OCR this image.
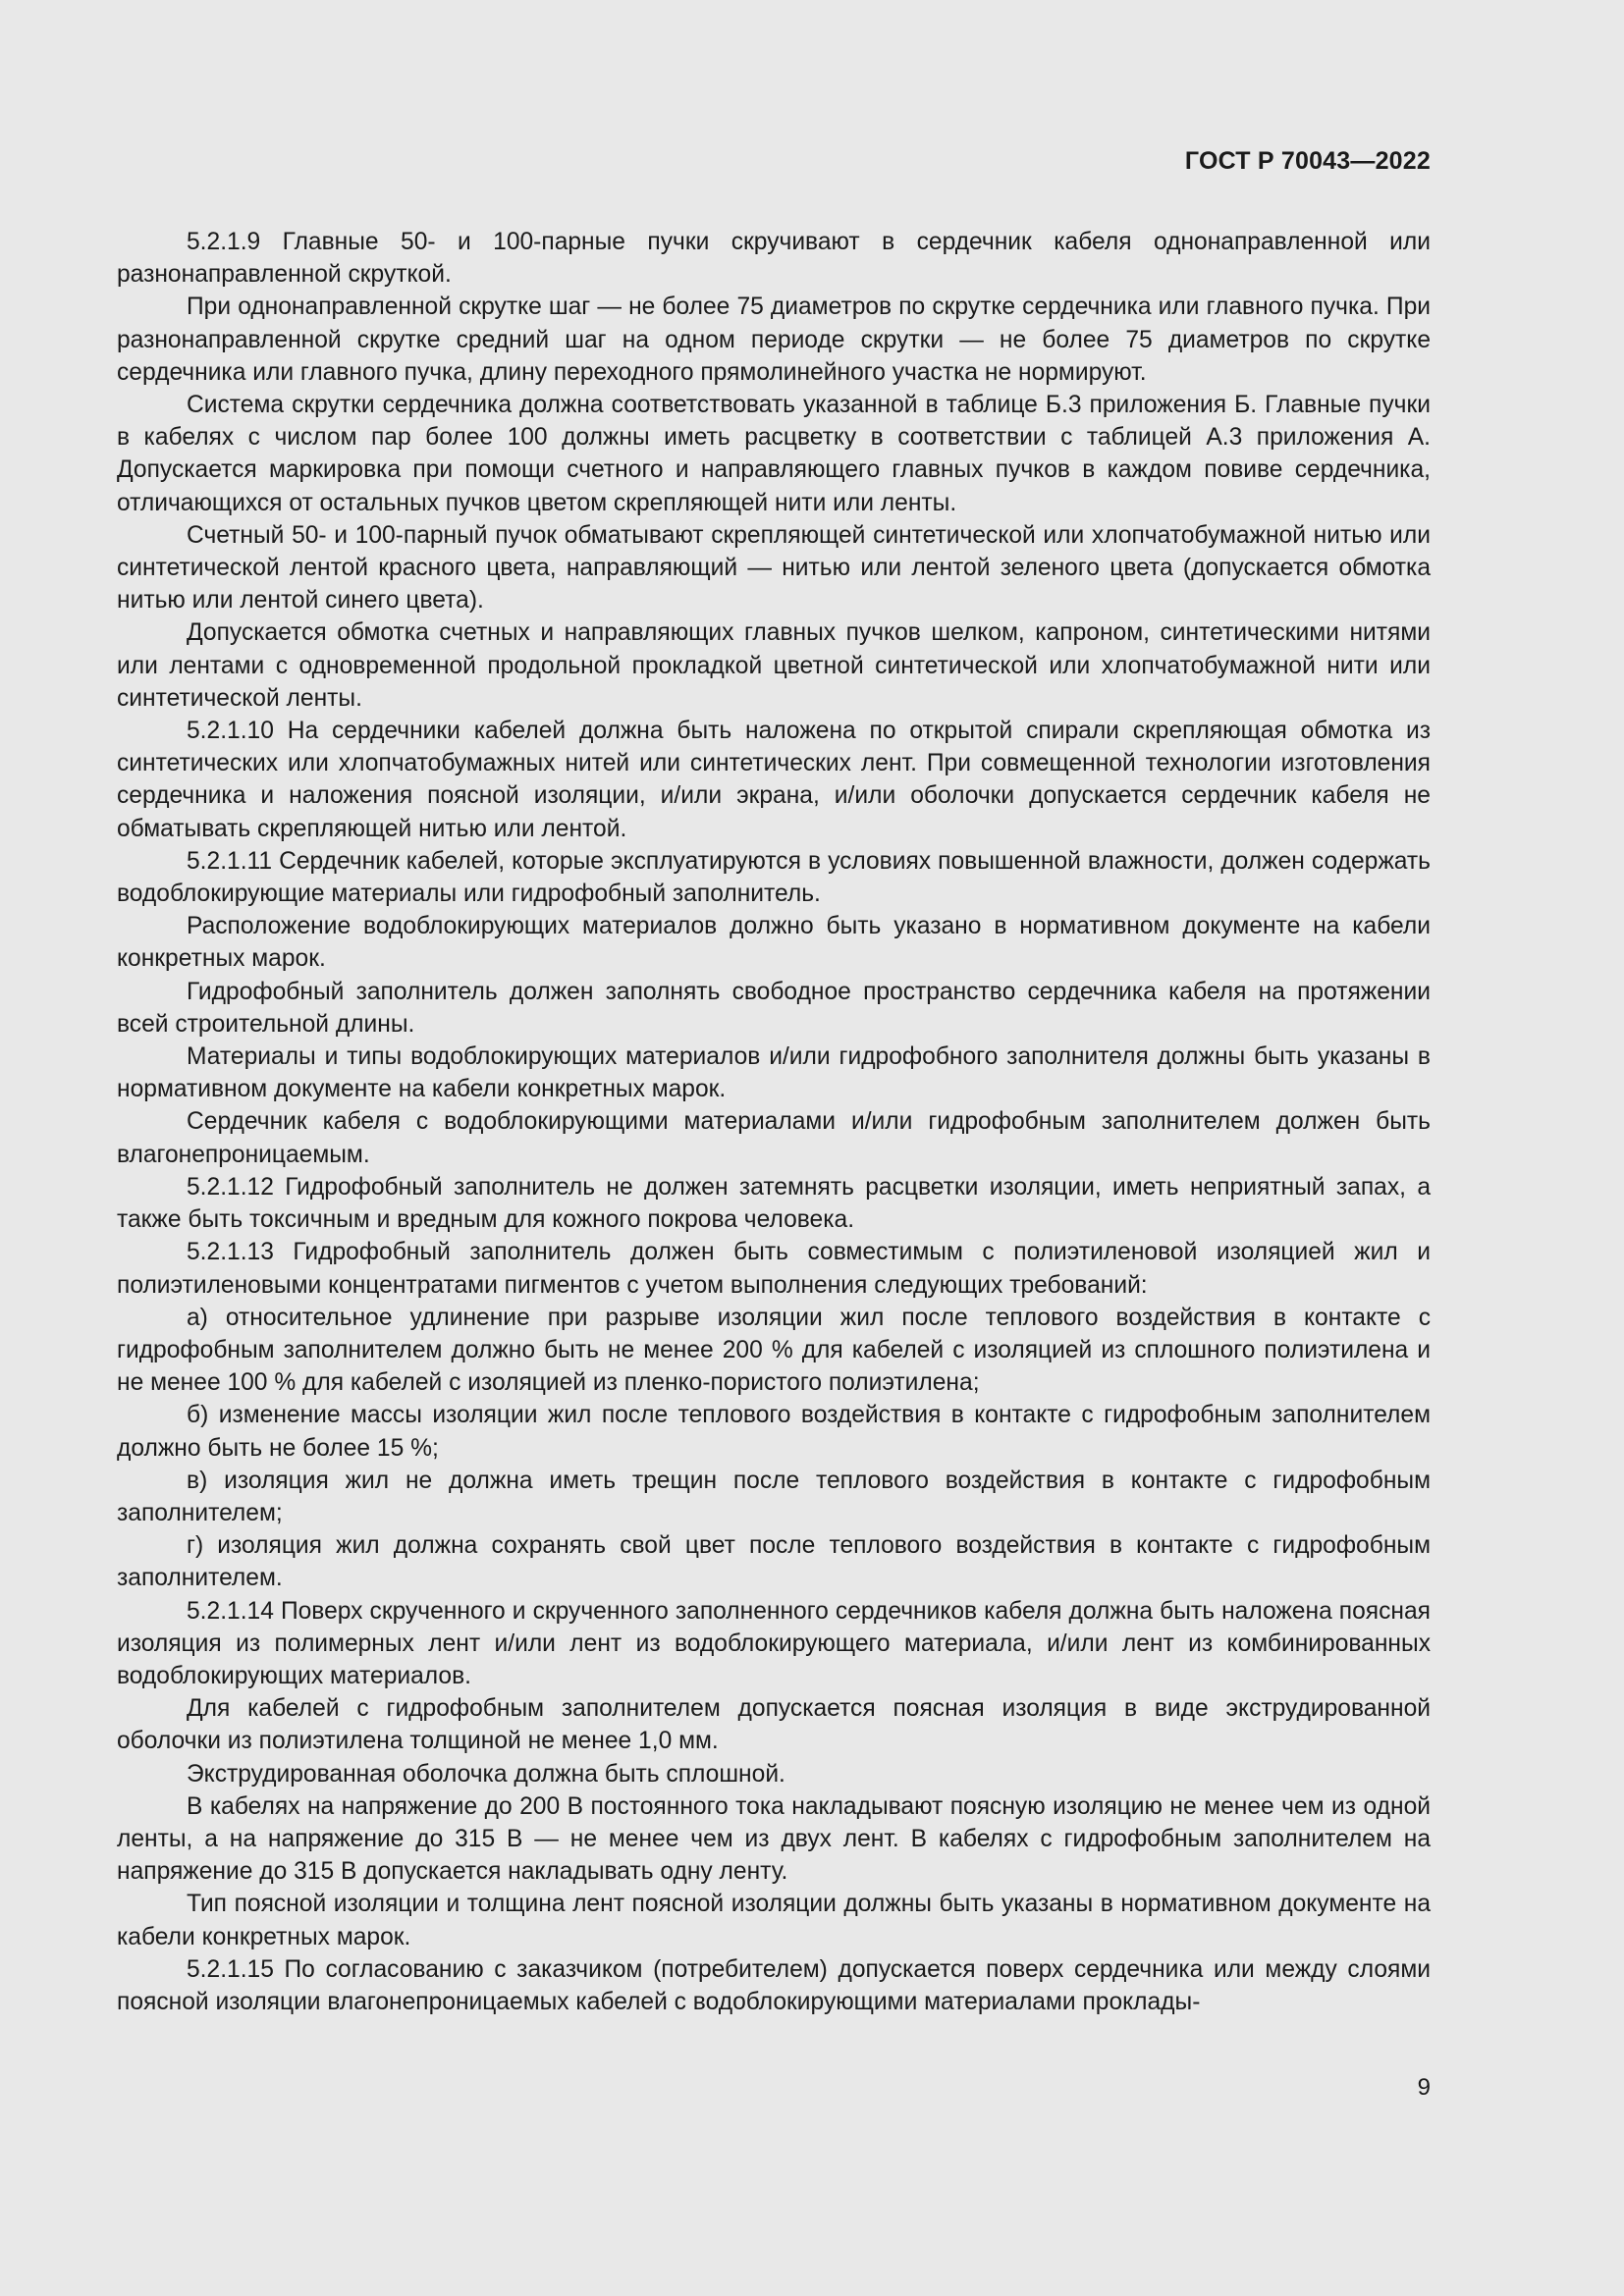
ГОСТ Р 70043—2022

5.2.1.9 Главные 50- и 100-парные пучки скручивают в сердечник кабеля однонаправленной или разнонаправленной скруткой.

При однонаправленной скрутке шаг — не более 75 диаметров по скрутке сердечника или главного пучка. При разнонаправленной скрутке средний шаг на одном периоде скрутки — не более 75 диаметров по скрутке сердечника или главного пучка, длину переходного прямолинейного участка не нормируют.

Система скрутки сердечника должна соответствовать указанной в таблице Б.3 приложения Б. Главные пучки в кабелях с числом пар более 100 должны иметь расцветку в соответствии с таблицей А.3 приложения А. Допускается маркировка при помощи счетного и направляющего главных пучков в каждом повиве сердечника, отличающихся от остальных пучков цветом скрепляющей нити или ленты.

Счетный 50- и 100-парный пучок обматывают скрепляющей синтетической или хлопчатобумажной нитью или синтетической лентой красного цвета, направляющий — нитью или лентой зеленого цвета (допускается обмотка нитью или лентой синего цвета).

Допускается обмотка счетных и направляющих главных пучков шелком, капроном, синтетическими нитями или лентами с одновременной продольной прокладкой цветной синтетической или хлопчатобумажной нити или синтетической ленты.

5.2.1.10 На сердечники кабелей должна быть наложена по открытой спирали скрепляющая обмотка из синтетических или хлопчатобумажных нитей или синтетических лент. При совмещенной технологии изготовления сердечника и наложения поясной изоляции, и/или экрана, и/или оболочки допускается сердечник кабеля не обматывать скрепляющей нитью или лентой.

5.2.1.11 Сердечник кабелей, которые эксплуатируются в условиях повышенной влажности, должен содержать водоблокирующие материалы или гидрофобный заполнитель.

Расположение водоблокирующих материалов должно быть указано в нормативном документе на кабели конкретных марок.

Гидрофобный заполнитель должен заполнять свободное пространство сердечника кабеля на протяжении всей строительной длины.

Материалы и типы водоблокирующих материалов и/или гидрофобного заполнителя должны быть указаны в нормативном документе на кабели конкретных марок.

Сердечник кабеля с водоблокирующими материалами и/или гидрофобным заполнителем должен быть влагонепроницаемым.

5.2.1.12 Гидрофобный заполнитель не должен затемнять расцветки изоляции, иметь неприятный запах, а также быть токсичным и вредным для кожного покрова человека.

5.2.1.13 Гидрофобный заполнитель должен быть совместимым с полиэтиленовой изоляцией жил и полиэтиленовыми концентратами пигментов с учетом выполнения следующих требований:

а) относительное удлинение при разрыве изоляции жил после теплового воздействия в контакте с гидрофобным заполнителем должно быть не менее 200 % для кабелей с изоляцией из сплошного полиэтилена и не менее 100 % для кабелей с изоляцией из пленко-пористого полиэтилена;

б) изменение массы изоляции жил после теплового воздействия в контакте с гидрофобным заполнителем должно быть не более 15 %;

в) изоляция жил не должна иметь трещин после теплового воздействия в контакте с гидрофобным заполнителем;

г) изоляция жил должна сохранять свой цвет после теплового воздействия в контакте с гидрофобным заполнителем.

5.2.1.14 Поверх скрученного и скрученного заполненного сердечников кабеля должна быть наложена поясная изоляция из полимерных лент и/или лент из водоблокирующего материала, и/или лент из комбинированных водоблокирующих материалов.

Для кабелей с гидрофобным заполнителем допускается поясная изоляция в виде экструдированной оболочки из полиэтилена толщиной не менее 1,0 мм.

Экструдированная оболочка должна быть сплошной.

В кабелях на напряжение до 200 В постоянного тока накладывают поясную изоляцию не менее чем из одной ленты, а на напряжение до 315 В — не менее чем из двух лент. В кабелях с гидрофобным заполнителем на напряжение до 315 В допускается накладывать одну ленту.

Тип поясной изоляции и толщина лент поясной изоляции должны быть указаны в нормативном документе на кабели конкретных марок.

5.2.1.15 По согласованию с заказчиком (потребителем) допускается поверх сердечника или между слоями поясной изоляции влагонепроницаемых кабелей с водоблокирующими материалами проклады-

9
